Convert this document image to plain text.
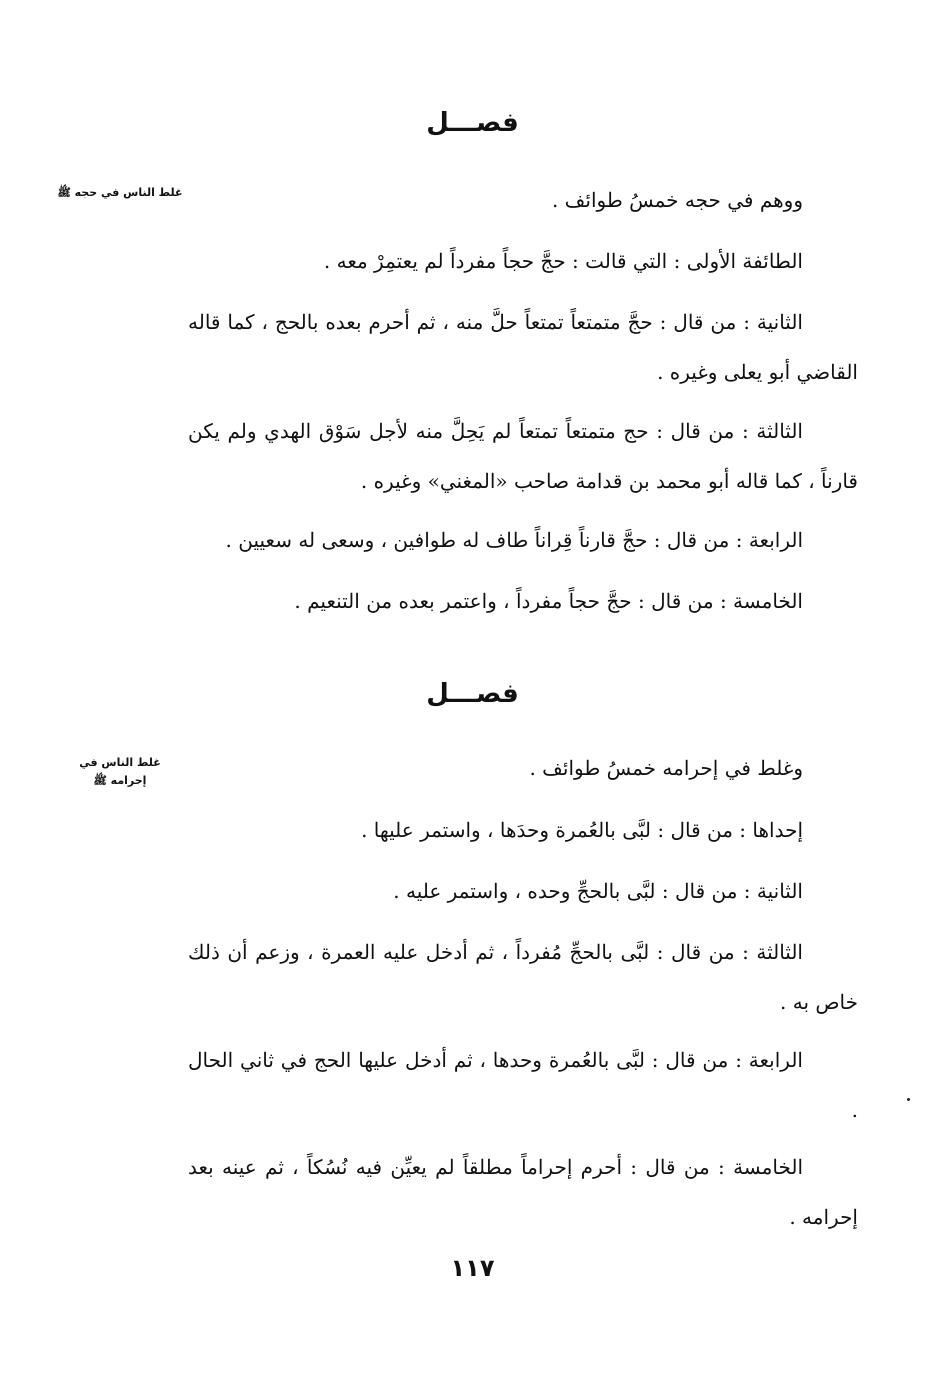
فصـــل
غلط الناس في حجه ﷺ	ووهم في حجه خمسُ طوائف .
الطائفة الأولى : التي قالت : حجَّ حجاً مفرداً لم يعتمِرْ معه .
الثانية : من قال : حجَّ متمتعاً تمتعاً حلَّ منه ، ثم أحرم بعده بالحج ، كما قاله القاضي أبو يعلى وغيره .
الثالثة : من قال : حج متمتعاً تمتعاً لم يَحِلَّ منه لأجل سَوْق الهدي ولم يكن قارناً ، كما قاله أبو محمد بن قدامة صاحب «المغني» وغيره .
الرابعة : من قال : حجَّ قارناً قِراناً طاف له طوافين ، وسعى له سعيين .
الخامسة : من قال : حجَّ حجاً مفرداً ، واعتمر بعده من التنعيم .
فصـــل
غلط الناس في
إحرامه ﷺ
وغلط في إحرامه خمسُ طوائف .
إحداها : من قال : لبَّى بالعُمرة وحدَها ، واستمر عليها .
الثانية : من قال : لبَّى بالحجِّ وحده ، واستمر عليه .
الثالثة : من قال : لبَّى بالحجِّ مُفرداً ، ثم أدخل عليه العمرة ، وزعم أن ذلك خاص به .
الرابعة : من قال : لبَّى بالعُمرة وحدها ، ثم أدخل عليها الحج في ثاني الحال .
الخامسة : من قال : أحرم إحراماً مطلقاً لم يعيِّن فيه نُسُكاً ، ثم عينه بعد إحرامه .
١١٧
